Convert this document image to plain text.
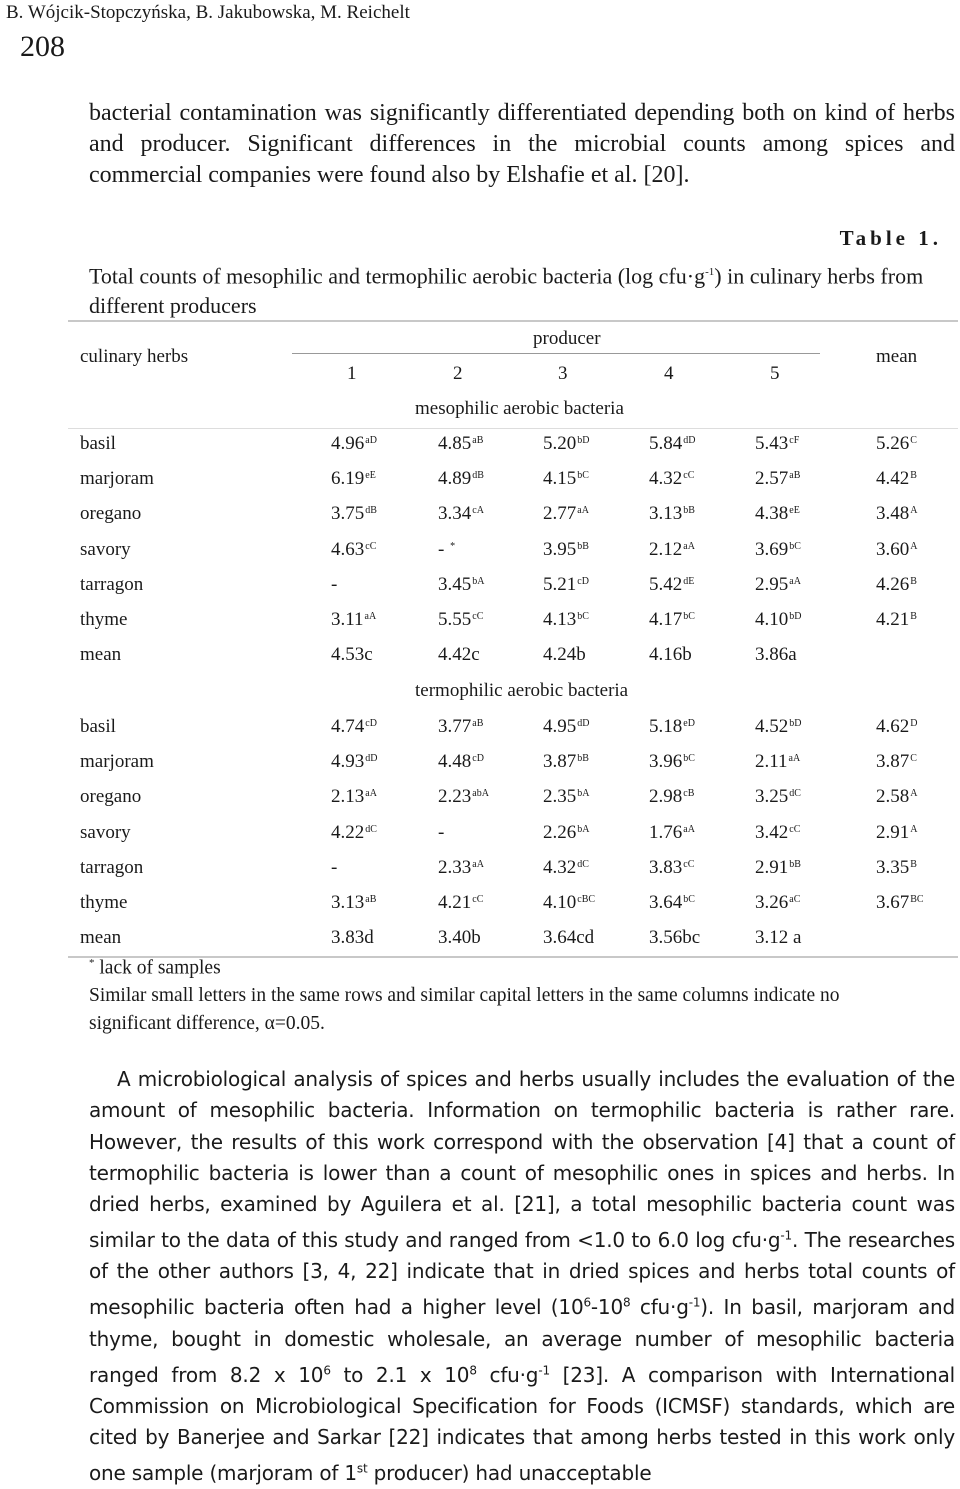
B. Wójcik-Stopczyńska, B. Jakubowska, M. Reichelt
208
bacterial contamination was significantly differentiated depending both on kind of herbs and producer. Significant differences in the microbial counts among spices and commercial companies were found also by Elshafie et al. [20].
Table 1.
Total counts of mesophilic and termophilic aerobic bacteria (log $cfu\cdot g^{-1}$) in culinary herbs from different producers
culinary herbs
producer
mean
1	2	3	4	5
mesophilic aerobic bacteria
basil	$4.96^{aD}$	$4.85^{aB}$	$5.20^{bD}$	$5.84^{dD}$	$5.43^{cF}$	$5.26^C$
marjoram	$6.19^{eE}$	$4.89^{dB}$	$4.15^{bC}$	$4.32^{cC}$	$2.57^{aB}$	$4.42^B$
oregano	$3.75^{dB}$	$3.34^{cA}$	$2.77^{aA}$	$3.13^{bB}$	$4.38^{eE}$	$3.48^A$
savory	$4.63^{cC}$	- *	$3.95^{bB}$	$2.12^{aA}$	$3.69^{bC}$	$3.60^A$
tarragon	-	$3.45^{bA}$	$5.21^{cD}$	5.42dE	$2.95^{aA}$	$4.26^B$
thyme	$3.11^{aA}$	$5.55^{cC}$	$4.13^{bC}$	$4.17^{bC}$	$4.10^{bD}$	$4.21^B$
mean	4.53c	4.42c	4.24b	4.16b	3.86a
termophilic aerobic bacteria
basil	$4.74^{cD}$	$3.77^{aB}$	$4.95^{dD}$	$5.18^{eD}$	$4.52^{bD}$	$4.62^D$
marjoram	$4.93^{dD}$	$4.48^{cD}$	$3.87^{bB}$	$3.96^{bC}$	$2.11^{aA}$	$3.87^C$
oregano	$2.13^{aA}$	$2.23^{abA}$	$2.35^{bA}$	$2.98^{cB}$	$3.25^{dC}$	$2.58^A$
savory	$4.22^{dC}$	-	$2.26^{bA}$	$1.76^{aA}$	$3.42^{cC}$	$2.91^A$
tarragon	-	$2.33^{aA}$	$4.32^{dC}$	$3.83^{cC}$	$2.91^{bB}$	$3.35^B$
thyme	$3.13^{aB}$	$4.21^{cC}$	$4.10^{cBC}$	$3.64^{bC}$	$3.26^{aC}$	$3.67^{BC}$
mean	3.83d	3.40b	3.64cd	3.56bc	3.12 a
* lack of samples
Similar small letters in the same rows and similar capital letters in the same columns indicate no
significant difference, α=0.05.
A microbiological analysis of spices and herbs usually includes the evaluation of the amount of mesophilic bacteria. Information on termophilic bacteria is rather rare. However, the results of this work correspond with the observation [4] that a count of termophilic bacteria is lower than a count of mesophilic ones in spices and herbs. In dried herbs, examined by Aguilera et al. [21], a total mesophilic bacteria count was similar to the data of this study and ranged from <1.0 to 6.0 $\log cfu\cdot g^{-1}$. The researches of the other authors [3, 4, 22] indicate that in dried spices and herbs total counts of mesophilic bacteria often had a higher level ($10^6-10^8$ $cfu\cdot g^{-1}$). In basil, marjoram and thyme, bought in domestic wholesale, an average number of mesophilic bacteria ranged from 8.2 x $10^6$ to 2.1 x $10^8$ $cfu\cdot g^{-1}$ [23]. A comparison with International Commission on Microbiological Specification for Foods (ICMSF) standards, which are cited by Banerjee and Sarkar [22] indicates that among herbs tested in this work only one sample (marjoram of 1st producer) had unacceptable
